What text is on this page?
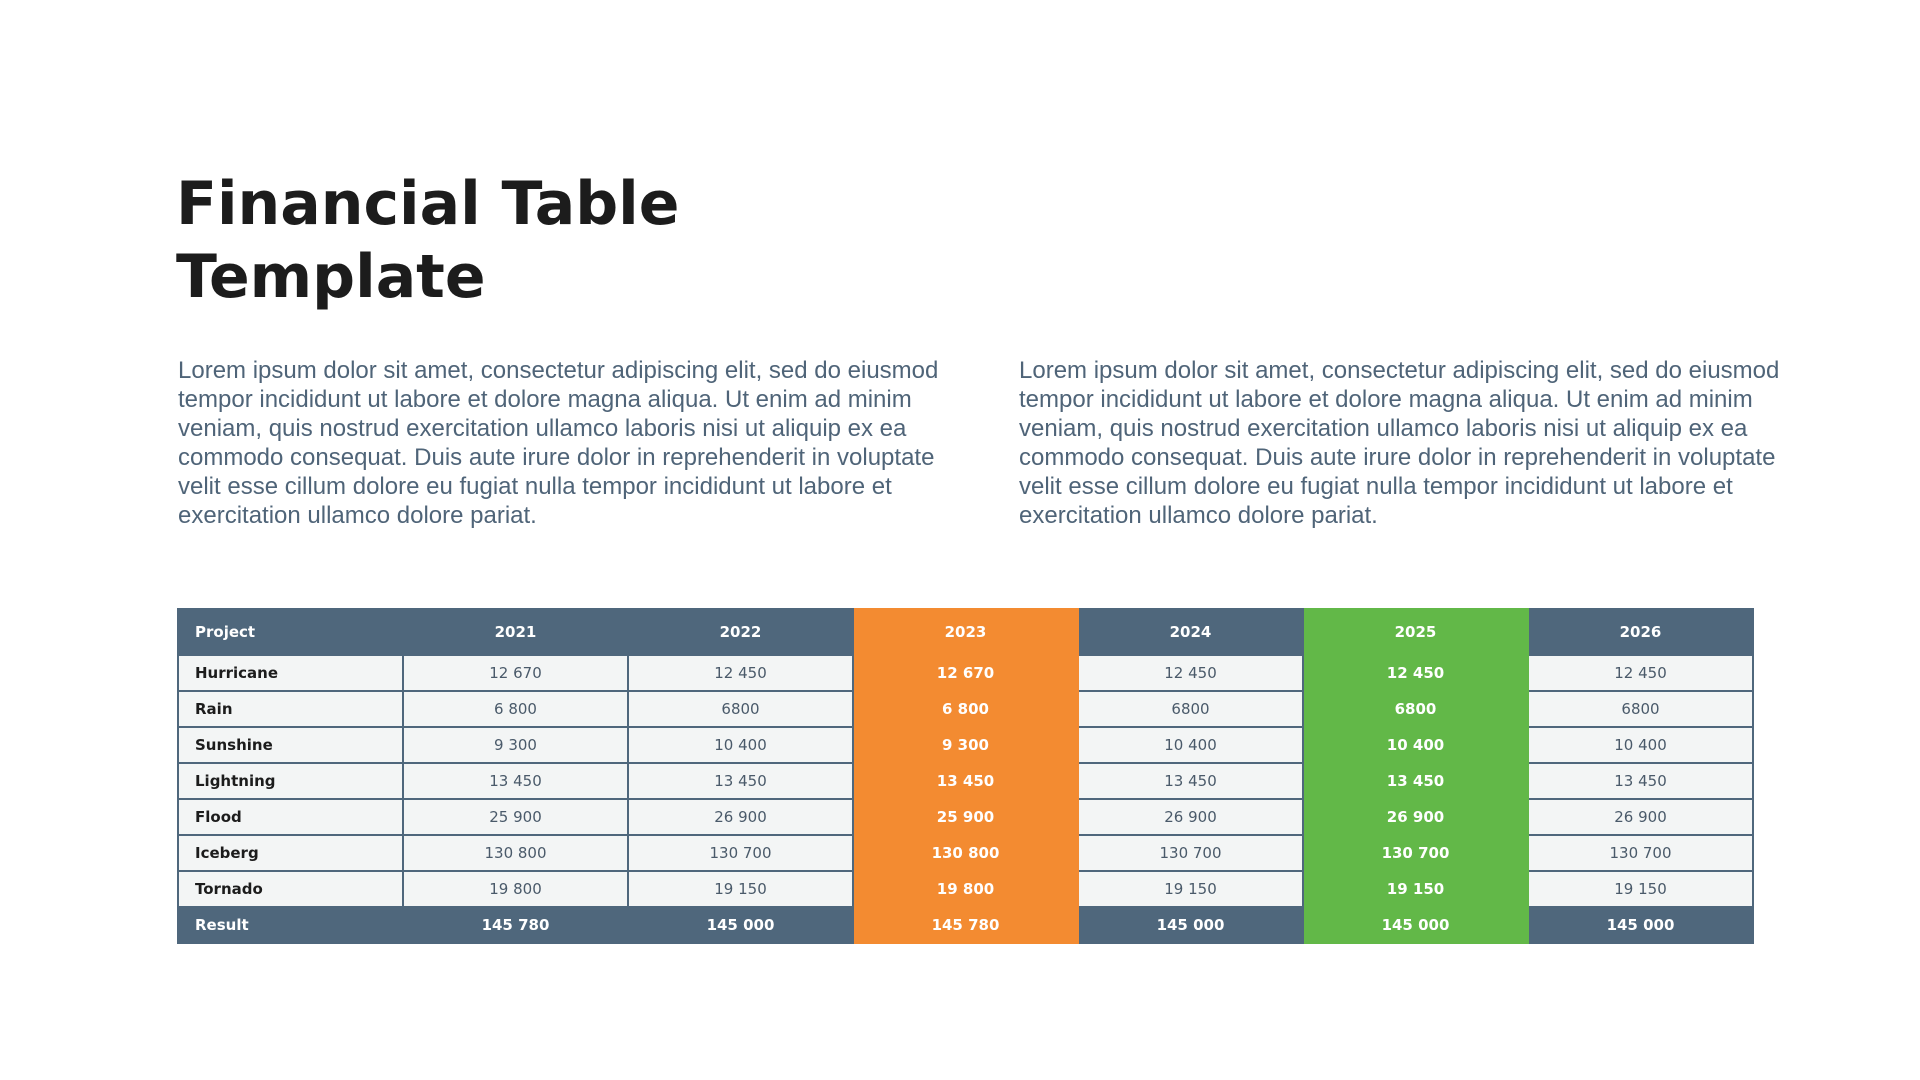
Financial Table
Template

Lorem ipsum dolor sit amet, consectetur adipiscing elit, sed do eiusmod tempor incididunt ut labore et dolore magna aliqua. Ut enim ad minim veniam, quis nostrud exercitation ullamco laboris nisi ut aliquip ex ea commodo consequat. Duis aute irure dolor in reprehenderit in voluptate velit esse cillum dolore eu fugiat nulla tempor incididunt ut labore et exercitation ullamco dolore pariat.

Lorem ipsum dolor sit amet, consectetur adipiscing elit, sed do eiusmod tempor incididunt ut labore et dolore magna aliqua. Ut enim ad minim veniam, quis nostrud exercitation ullamco laboris nisi ut aliquip ex ea commodo consequat. Duis aute irure dolor in reprehenderit in voluptate velit esse cillum dolore eu fugiat nulla tempor incididunt ut labore et exercitation ullamco dolore pariat.

Project	2021	2022	2023	2024	2025	2026
Hurricane	12 670	12 450	12 670	12 450	12 450	12 450
Rain	6 800	6800	6 800	6800	6800	6800
Sunshine	9 300	10 400	9 300	10 400	10 400	10 400
Lightning	13 450	13 450	13 450	13 450	13 450	13 450
Flood	25 900	26 900	25 900	26 900	26 900	26 900
Iceberg	130 800	130 700	130 800	130 700	130 700	130 700
Tornado	19 800	19 150	19 800	19 150	19 150	19 150
Result	145 780	145 000	145 780	145 000	145 000	145 000
